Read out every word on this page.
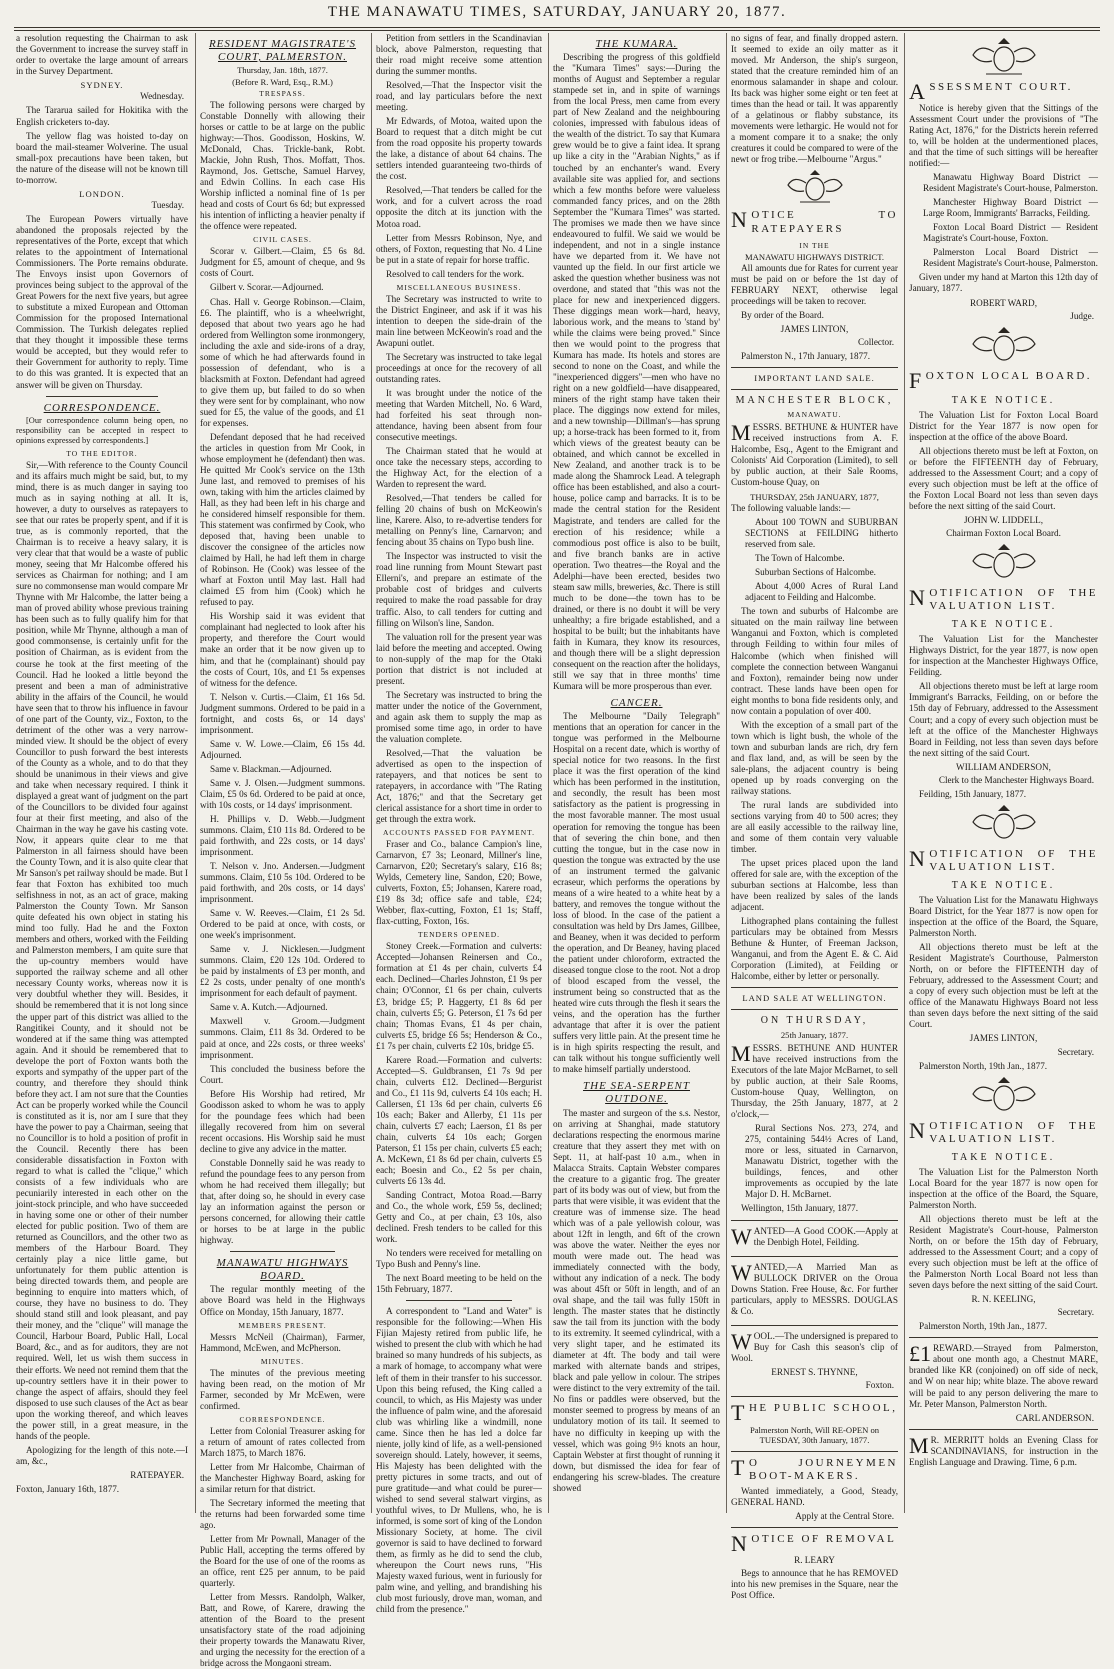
THE MANAWATU TIMES, SATURDAY, JANUARY 20, 1877.

a resolution requesting the Chairman to ask the Government to increase the survey staff in order to overtake the large amount of arrears in the Survey Department.

SYDNEY.
Wednesday.

The Tararua sailed for Hokitika with the English cricketers to-day.

The yellow flag was hoisted to-day on board the mail-steamer Wolverine. The usual small-pox precautions have been taken, but the nature of the disease will not be known till to-morrow.

LONDON.
Tuesday.

The European Powers virtually have abandoned the proposals rejected by the representatives of the Porte, except that which relates to the appointment of International Commissioners. The Porte remains obdurate. The Envoys insist upon Governors of provinces being subject to the approval of the Great Powers for the next five years, but agree to substitute a mixed European and Ottoman Commission for the proposed International Commission. The Turkish delegates replied that they thought it impossible these terms would be accepted, but they would refer to their Government for authority to reply. Time to do this was granted. It is expected that an answer will be given on Thursday.

CORRESPONDENCE.

[Our correspondence column being open, no responsibility can be accepted in respect to opinions expressed by correspondents.]

TO THE EDITOR.

Sir,—With reference to the County Council and its affairs much might be said, but, to my mind, there is as much danger in saying too much as in saying nothing at all. It is, however, a duty to ourselves as ratepayers to see that our rates be properly spent, and if it is true, as is commonly reported, that the Chairman is to receive a heavy salary, it is very clear that that would be a waste of public money, seeing that Mr Halcombe offered his services as Chairman for nothing; and I am sure no commonsense man would compare Mr Thynne with Mr Halcombe, the latter being a man of proved ability whose previous training has been such as to fully qualify him for that position, while Mr Thynne, although a man of good commonsense, is certainly unfit for the position of Chairman, as is evident from the course he took at the first meeting of the Council. Had he looked a little beyond the present and been a man of administrative ability in the affairs of the Council, he would have seen that to throw his influence in favour of one part of the County, viz., Foxton, to the detriment of the other was a very narrow-minded view. It should be the object of every Councillor to push forward the best interests of the County as a whole, and to do that they should be unanimous in their views and give and take when necessary required. I think it displayed a great want of judgment on the part of the Councillors to be divided four against four at their first meeting, and also of the Chairman in the way he gave his casting vote. Now, it appears quite clear to me that Palmerston in all fairness should have been the County Town, and it is also quite clear that Mr Sanson's pet railway should be made. But I fear that Foxton has exhibited too much selfishness in not, as an act of grace, making Palmerston the County Town. Mr Sanson quite defeated his own object in stating his mind too fully. Had he and the Foxton members and others, worked with the Feilding and Palmerston members, I am quite sure that the up-country members would have supported the railway scheme and all other necessary County works, whereas now it is very doubtful whether they will. Besides, it should be remembered that it is not long since the upper part of this district was allied to the Rangitikei County, and it should not be wondered at if the same thing was attempted again. And it should be remembered that to develope the port of Foxton wants both the exports and sympathy of the upper part of the country, and therefore they should think before they act. I am not sure that the Counties Act can be properly worked while the Council is constituted as it is, nor am I sure that they have the power to pay a Chairman, seeing that no Councillor is to hold a position of profit in the Council. Recently there has been considerable dissatisfaction in Foxton with regard to what is called the "clique," which consists of a few individuals who are pecuniarily interested in each other on the joint-stock principle, and who have succeeded in having some one or other of their number elected for public position. Two of them are returned as Councillors, and the other two as members of the Harbour Board. They certainly play a nice little game, but unfortunately for them public attention is being directed towards them, and people are beginning to enquire into matters which, of course, they have no business to do. They should stand still and look pleasant, and pay their money, and the "clique" will manage the Council, Harbour Board, Public Hall, Local Board, &c., and as for auditors, they are not required. Well, let us wish them success in their efforts. We need not remind them that the up-country settlers have it in their power to change the aspect of affairs, should they feel disposed to use such clauses of the Act as bear upon the working thereof, and which leaves the power still, in a great measure, in the hands of the people.

Apologizing for the length of this note.—I am, &c.,

RATEPAYER.

Foxton, January 16th, 1877.

RESIDENT MAGISTRATE'S COURT, PALMERSTON.
Thursday, Jan. 18th, 1877.
(Before R. Ward, Esq., R.M.)
TRESPASS.

The following persons were charged by Constable Donnelly with allowing their horses or cattle to be at large on the public highway:—Thos. Goodisson, Hoskins, W. McDonald, Chas. Trickle-bank, Robt. Mackie, John Rush, Thos. Moffatt, Thos. Raymond, Jos. Gettsche, Samuel Harvey, and Edwin Collins. In each case His Worship inflicted a nominal fine of 1s per head and costs of Court 6s 6d; but expressed his intention of inflicting a heavier penalty if the offence were repeated.

CIVIL CASES.

Scorar v. Gilbert.—Claim, £5 6s 8d. Judgment for £5, amount of cheque, and 9s costs of Court.

Gilbert v. Scorar.—Adjourned.

Chas. Hall v. George Robinson.—Claim, £6. The plaintiff, who is a wheelwright, deposed that about two years ago he had ordered from Wellington some ironmongery, including the axle and side-irons of a dray, some of which he had afterwards found in possession of defendant, who is a blacksmith at Foxton. Defendant had agreed to give them up, but failed to do so when they were sent for by complainant, who now sued for £5, the value of the goods, and £1 for expenses.

Defendant deposed that he had received the articles in question from Mr Cook, in whose employment he (defendant) then was. He quitted Mr Cook's service on the 13th June last, and removed to premises of his own, taking with him the articles claimed by Hall, as they had been left in his charge and he considered himself responsible for them. This statement was confirmed by Cook, who deposed that, having been unable to discover the consignee of the articles now claimed by Hall, he had left them in charge of Robinson. He (Cook) was lessee of the wharf at Foxton until May last. Hall had claimed £5 from him (Cook) which he refused to pay.

His Worship said it was evident that complainant had neglected to look after his property, and therefore the Court would make an order that it be now given up to him, and that he (complainant) should pay the costs of Court, 10s, and £1 5s expenses of witness for the defence.

T. Nelson v. Curtis.—Claim, £1 16s 5d. Judgment summons. Ordered to be paid in a fortnight, and costs 6s, or 14 days' imprisonment.

Same v. W. Lowe.—Claim, £6 15s 4d. Adjourned.

Same v. Blackman.—Adjourned.

Same v. J. Olsen.—Judgment summons. Claim, £5 0s 6d. Ordered to be paid at once, with 10s costs, or 14 days' imprisonment.

H. Phillips v. D. Webb.—Judgment summons. Claim, £10 11s 8d. Ordered to be paid forthwith, and 22s costs, or 14 days' imprisonment.

T. Nelson v. Jno. Andersen.—Judgment summons. Claim, £10 5s 10d. Ordered to be paid forthwith, and 20s costs, or 14 days' imprisonment.

Same v. W. Reeves.—Claim, £1 2s 5d. Ordered to be paid at once, with costs, or one week's imprisonment.

Same v. J. Nicklesen.—Judgment summons. Claim, £20 12s 10d. Ordered to be paid by instalments of £3 per month, and £2 2s costs, under penalty of one month's imprisonment for each default of payment.

Same v. A. Kutch.—Adjourned.

Maxwell v. Groom.—Judgment summons. Claim, £11 8s 3d. Ordered to be paid at once, and 22s costs, or three weeks' imprisonment.

This concluded the business before the Court.

Before His Worship had retired, Mr Goodisson asked to whom he was to apply for the poundage fees which had been illegally recovered from him on several recent occasions. His Worship said he must decline to give any advice in the matter.

Constable Donnelly said he was ready to refund the poundage fees to any person from whom he had received them illegally; but that, after doing so, he should in every case lay an information against the person or persons concerned, for allowing their cattle or horses to be at large in the public highway.

MANAWATU HIGHWAYS BOARD.

The regular monthly meeting of the above Board was held in the Highways Office on Monday, 15th January, 1877.

MEMBERS PRESENT.

Messrs McNeil (Chairman), Farmer, Hammond, McEwen, and McPherson.

MINUTES.

The minutes of the previous meeting having been read, on the motion of Mr Farmer, seconded by Mr McEwen, were confirmed.

CORRESPONDENCE.

Letter from Colonial Treasurer asking for a return of amount of rates collected from March 1875, to March 1876.

Letter from Mr Halcombe, Chairman of the Manchester Highway Board, asking for a similar return for that district.

The Secretary informed the meeting that the returns had been forwarded some time ago.

Letter from Mr Pownall, Manager of the Public Hall, accepting the terms offered by the Board for the use of one of the rooms as an office, rent £25 per annum, to be paid quarterly.

Letter from Messrs. Randolph, Walker, Batt, and Rowe, of Karere, drawing the attention of the Board to the present unsatisfactory state of the road adjoining their property towards the Manawatu River, and urging the necessity for the erection of a bridge across the Mongaoni stream.

Petition from settlers in the Scandinavian block, above Palmerston, requesting that their road might receive some attention during the summer months.

Resolved,—That the Inspector visit the road, and lay particulars before the next meeting.

Mr Edwards, of Motoa, waited upon the Board to request that a ditch might be cut from the road opposite his property towards the lake, a distance of about 64 chains. The settlers intended guaranteeing two-thirds of the cost.

Resolved,—That tenders be called for the work, and for a culvert across the road opposite the ditch at its junction with the Motoa road.

Letter from Messrs Robinson, Nye, and others, of Foxton, requesting that No. 4 Line be put in a state of repair for horse traffic.

Resolved to call tenders for the work.

MISCELLANEOUS BUSINESS.

The Secretary was instructed to write to the District Engineer, and ask if it was his intention to deepen the side-drain of the main line between McKeowin's road and the Awapuni outlet.

The Secretary was instructed to take legal proceedings at once for the recovery of all outstanding rates.

It was brought under the notice of the meeting that Warden Mitchell, No. 6 Ward, had forfeited his seat through non-attendance, having been absent from four consecutive meetings.

The Chairman stated that he would at once take the necessary steps, according to the Highway Act, for the election of a Warden to represent the ward.

Resolved,—That tenders be called for felling 20 chains of bush on McKeowin's line, Karere. Also, to re-advertise tenders for metalling on Penny's line, Carnarvon; and fencing about 35 chains on Typo bush line.

The Inspector was instructed to visit the road line running from Mount Stewart past Ellerni's, and prepare an estimate of the probable cost of bridges and culverts required to make the road passable for dray traffic. Also, to call tenders for cutting and filling on Wilson's line, Sandon.

The valuation roll for the present year was laid before the meeting and accepted. Owing to non-supply of the map for the Otaki portion that district is not included at present.

The Secretary was instructed to bring the matter under the notice of the Government, and again ask them to supply the map as promised some time ago, in order to have the valuation complete.

Resolved,—That the valuation be advertised as open to the inspection of ratepayers, and that notices be sent to ratepayers, in accordance with "The Rating Act, 1876;" and that the Secretary get clerical assistance for a short time in order to get through the extra work.

ACCOUNTS PASSED FOR PAYMENT.

Fraser and Co., balance Campion's line, Carnarvon, £7 3s; Leonard, Millner's line, Carnarvon, £20; Secretary's salary, £16 8s; Wylds, Cemetery line, Sandon, £20; Bowe, culverts, Foxton, £5; Johansen, Karere road, £19 8s 3d; office safe and table, £24; Webber, flax-cutting, Foxton, £1 1s; Staff, flax-cutting, Foxton, 16s.

TENDERS OPENED.

Stoney Creek.—Formation and culverts: Accepted—Johansen Reinersen and Co., formation at £1 4s per chain, culverts £4 each. Declined—Charles Johnston, £1 9s per chain; O'Connor, £1 6s per chain, culverts £3, bridge £5; P. Haggerty, £1 8s 6d per chain, culverts £5; G. Peterson, £1 7s 6d per chain; Thomas Evans, £1 4s per chain, culverts £5, bridge £6 5s; Henderson & Co., £1 7s per chain, culverts £2 10s, bridge £5.

Karere Road.—Formation and culverts: Accepted—S. Guldbransen, £1 7s 9d per chain, culverts £12. Declined—Bergurist and Co., £1 11s 9d, culverts £4 10s each; H. Callersen, £1 13s 6d per chain, culverts £6 10s each; Baker and Allerby, £1 11s per chain, culverts £7 each; Laerson, £1 8s per chain, culverts £4 10s each; Gorgen Paterson, £1 15s per chain, culverts £5 each; A. McKewn, £1 8s 6d per chain, culverts £5 each; Boesin and Co., £2 5s per chain, culverts £6 13s 4d.

Sanding Contract, Motoa Road.—Barry and Co., the whole work, £59 5s, declined; Getty and Co., at per chain, £3 10s, also declined. Fresh tenders to be called for this work.

No tenders were received for metalling on Typo Bush and Penny's line.

The next Board meeting to be held on the 15th February, 1877.

A correspondent to "Land and Water" is responsible for the following:—When His Fijian Majesty retired from public life, he wished to present the club with which he had brained so many hundreds of his subjects, as a mark of homage, to accompany what were left of them in their transfer to his successor. Upon this being refused, the King called a council, to which, as His Majesty was under the influence of palm wine, and the aforesaid club was whirling like a windmill, none came. Since then he has led a dolce far niente, jolly kind of life, as a well-pensioned sovereign should. Lately, however, it seems, His Majesty has been delighted with the pretty pictures in some tracts, and out of pure gratitude—and what could be purer—wished to send several stalwart virgins, as youthful wives, to Dr Mullens, who, he is informed, is some sort of king of the London Missionary Society, at home. The civil governor is said to have declined to forward them, as firmly as he did to send the club, whereupon the Court news runs, "His Majesty waxed furious, went in furiously for palm wine, and yelling, and brandishing his club most furiously, drove man, woman, and child from the presence."

THE KUMARA.

Describing the progress of this goldfield the "Kumara Times" says:—During the months of August and September a regular stampede set in, and in spite of warnings from the local Press, men came from every part of New Zealand and the neighbouring colonies, impressed with fabulous ideas of the wealth of the district. To say that Kumara grew would be to give a faint idea. It sprang up like a city in the "Arabian Nights," as if touched by an enchanter's wand. Every available site was applied for, and sections which a few months before were valueless commanded fancy prices, and on the 28th September the "Kumara Times" was started. The promises we made then we have since endeavoured to fulfil. We said we would be independent, and not in a single instance have we departed from it. We have not vaunted up the field. In our first article we asked the question whether business was not overdone, and stated that "this was not the place for new and inexperienced diggers. These diggings mean work—hard, heavy, laborious work, and the means to 'stand by' while the claims were being proved." Since then we would point to the progress that Kumara has made. Its hotels and stores are second to none on the Coast, and while the "inexperienced diggers"—men who have no right on a new goldfield—have disappeared, miners of the right stamp have taken their place. The diggings now extend for miles, and a new township—Dillman's—has sprung up; a horse-track has been formed to it, from which views of the greatest beauty can be obtained, and which cannot be excelled in New Zealand, and another track is to be made along the Shamrock Lead. A telegraph office has been established, and also a court-house, police camp and barracks. It is to be made the central station for the Resident Magistrate, and tenders are called for the erection of his residence; while a commodious post office is also to be built, and five branch banks are in active operation. Two theatres—the Royal and the Adelphi—have been erected, besides two steam saw mills, breweries, &c. There is still much to be done—the town has to be drained, or there is no doubt it will be very unhealthy; a fire brigade established, and a hospital to be built; but the inhabitants have faith in Kumara, they know its resources, and though there will be a slight depression consequent on the reaction after the holidays, still we say that in three months' time Kumara will be more prosperous than ever.

CANCER.

The Melbourne "Daily Telegraph" mentions that an operation for cancer in the tongue was performed in the Melbourne Hospital on a recent date, which is worthy of special notice for two reasons. In the first place it was the first operation of the kind which has been performed in the institution, and secondly, the result has been most satisfactory as the patient is progressing in the most favorable manner. The most usual operation for removing the tongue has been that of severing the chin bone, and then cutting the tongue, but in the case now in question the tongue was extracted by the use of an instrument termed the galvanic ecraseur, which performs the operations by means of a wire heated to a white heat by a battery, and removes the tongue without the loss of blood. In the case of the patient a consultation was held by Drs James, Gillbee, and Beaney, when it was decided to perform the operation, and Dr Beaney, having placed the patient under chloroform, extracted the diseased tongue close to the root. Not a drop of blood escaped from the vessel, the instrument being so constructed that as the heated wire cuts through the flesh it sears the veins, and the operation has the further advantage that after it is over the patient suffers very little pain. At the present time he is in high spirits respecting the result, and can talk without his tongue sufficiently well to make himself partially understood.

THE SEA-SERPENT OUTDONE.

The master and surgeon of the s.s. Nestor, on arriving at Shanghai, made statutory declarations respecting the enormous marine creature that they assert they met with on Sept. 11, at half-past 10 a.m., when in Malacca Straits. Captain Webster compares the creature to a gigantic frog. The greater part of its body was out of view, but from the parts that were visible, it was evident that the creature was of immense size. The head which was of a pale yellowish colour, was about 12ft in length, and 6ft of the crown was above the water. Neither the eyes nor mouth were made out. The head was immediately connected with the body, without any indication of a neck. The body was about 45ft or 50ft in length, and of an oval shape, and the tail was fully 150ft in length. The master states that he distinctly saw the tail from its junction with the body to its extremity. It seemed cylindrical, with a very slight taper, and he estimated its diameter at 4ft. The body and tail were marked with alternate bands and stripes, black and pale yellow in colour. The stripes were distinct to the very extremity of the tail. No fins or paddles were observed, but the monster seemed to progress by means of an undulatory motion of its tail. It seemed to have no difficulty in keeping up with the vessel, which was going 9½ knots an hour, Captain Webster at first thought of running it down, but dismissed the idea for fear of endangering his screw-blades. The creature showed

no signs of fear, and finally dropped astern. It seemed to exide an oily matter as it moved. Mr Anderson, the ship's surgeon, stated that the creature reminded him of an enormous salamander in shape and colour. Its back was higher some eight or ten feet at times than the head or tail. It was apparently of a gelatinous or flabby substance, its movements were lethargic. He would not for a moment compare it to a snake; the only creatures it could be compared to were of the newt or frog tribe.—Melbourne "Argus."

NOTICE TO RATEPAYERS
IN THE
MANAWATU HIGHWAYS DISTRICT.

All amounts due for Rates for current year must be paid on or before the 1st day of FEBRUARY NEXT, otherwise legal proceedings will be taken to recover.

By order of the Board.

JAMES LINTON,
Collector.

Palmerston N., 17th January, 1877.

IMPORTANT LAND SALE.
MANCHESTER BLOCK,
MANAWATU.
MESSRS. BETHUNE & HUNTER have received instructions from A. F. Halcombe, Esq., Agent to the Emigrant and Colonists' Aid Corporation (Limited), to sell by public auction, at their Sale Rooms, Custom-house Quay, on
THURSDAY, 25th JANUARY, 1877,

The following valuable lands:—

About 100 TOWN and SUBURBAN SECTIONS at FEILDING hitherto reserved from sale.

The Town of Halcombe.

Suburban Sections of Halcombe.

About 4,000 Acres of Rural Land adjacent to Feilding and Halcombe.

The town and suburbs of Halcombe are situated on the main railway line between Wanganui and Foxton, which is completed through Feilding to within four miles of Halcombe (which when finished will complete the connection between Wanganui and Foxton), remainder being now under contract. These lands have been open for eight months to bona fide residents only, and now contain a population of over 400.

With the exception of a small part of the town which is light bush, the whole of the town and suburban lands are rich, dry fern and flax land, and, as will be seen by the sale-plans, the adjacent country is being opened up by roads converging on the railway stations.

The rural lands are subdivided into sections varying from 40 to 500 acres; they are all easily accessible to the railway line, and some of them contain very valuable timber.

The upset prices placed upon the land offered for sale are, with the exception of the suburban sections at Halcombe, less than have been realized by sales of the lands adjacent.

Lithographed plans containing the fullest particulars may be obtained from Messrs Bethune & Hunter, of Freeman Jackson, Wanganui, and from the Agent E. & C. Aid Corporation (Limited), at Feilding or Halcombe, either by letter or personally.

LAND SALE AT WELLINGTON.
ON THURSDAY,
25th January, 1877.
MESSRS. BETHUNE AND HUNTER have received instructions from the Executors of the late Major McBarnet, to sell by public auction, at their Sale Rooms, Custom-house Quay, Wellington, on Thursday, the 25th January, 1877, at 2 o'clock,—

Rural Sections Nos. 273, 274, and 275, containing 544½ Acres of Land, more or less, situated in Carnarvon, Manawatu District, together with the buildings, fences, and other improvements as occupied by the late Major D. H. McBarnet.

Wellington, 15th January, 1877.

WANTED—A Good COOK.—Apply at the Denbigh Hotel, Feilding.
WANTED,—A Married Man as BULLOCK DRIVER on the Oroua Downs Station. Free House, &c. For further particulars, apply to MESSRS. DOUGLAS & Co.
WOOL.—The undersigned is prepared to Buy for Cash this season's clip of Wool.
ERNEST S. THYNNE,
Foxton.
THE PUBLIC SCHOOL,
Palmerston North, Will RE-OPEN on TUESDAY, 30th January, 1877.
T O JOURNEYMEN BOOT-MAKERS.

Wanted immediately, a Good, Steady, GENERAL HAND.

Apply at the Central Store.
NOTICE OF REMOVAL
R. LEARY

Begs to announce that he has REMOVED into his new premises in the Square, near the Post Office.

ASSESSMENT COURT.

Notice is hereby given that the Sittings of the Assessment Court under the provisions of "The Rating Act, 1876," for the Districts herein referred to, will be holden at the undermentioned places, and that the time of such sittings will be hereafter notified:—

Manawatu Highway Board District — Resident Magistrate's Court-house, Palmerston.

Manchester Highway Board District — Large Room, Immigrants' Barracks, Feilding.

Foxton Local Board District — Resident Magistrate's Court-house, Foxton.

Palmerston Local Board District — Resident Magistrate's Court-house, Palmerston.

Given under my hand at Marton this 12th day of January, 1877.

ROBERT WARD,
Judge.
FOXTON LOCAL BOARD.
TAKE NOTICE.

The Valuation List for Foxton Local Board District for the Year 1877 is now open for inspection at the office of the above Board.

All objections thereto must be left at Foxton, on or before the FIFTEENTH day of February, addressed to the Assessment Court; and a copy of every such objection must be left at the office of the Foxton Local Board not less than seven days before the next sitting of the said Court.

JOHN W. LIDDELL,
Chairman Foxton Local Board.
NOTIFICATION OF THE VALUATION LIST.
TAKE NOTICE.

The Valuation List for the Manchester Highways District, for the year 1877, is now open for inspection at the Manchester Highways Office, Feilding.

All objections thereto must be left at large room Immigrant's Barracks, Feilding, on or before the 15th day of February, addressed to the Assessment Court; and a copy of every such objection must be left at the office of the Manchester Highways Board in Feilding, not less than seven days before the next sitting of the said Court.

WILLIAM ANDERSON,
Clerk to the Manchester Highways Board.

Feilding, 15th January, 1877.

NOTIFICATION OF THE VALUATION LIST.
TAKE NOTICE.

The Valuation List for the Manawatu Highways Board District, for the Year 1877 is now open for inspection at the office of the Board, the Square, Palmerston North.

All objections thereto must be left at the Resident Magistrate's Courthouse, Palmerston North, on or before the FIFTEENTH day of February, addressed to the Assessment Court; and a copy of every such objection must be left at the office of the Manawatu Highways Board not less than seven days before the next sitting of the said Court.

JAMES LINTON,
Secretary.

Palmerston North, 19th Jan., 1877.

NOTIFICATION OF THE VALUATION LIST.
TAKE NOTICE.

The Valuation List for the Palmerston North Local Board for the year 1877 is now open for inspection at the office of the Board, the Square, Palmerston North.

All objections thereto must be left at the Resident Magistrate's Court-house, Palmerston North, on or before the 15th day of February, addressed to the Assessment Court; and a copy of every such objection must be left at the office of the Palmerston North Local Board not less than seven days before the next sitting of the said Court.

R. N. KEELING,
Secretary.

Palmerston North, 19th Jan., 1877.

£1 REWARD.—Strayed from Palmerston, about one month ago, a Chestnut MARE, branded like KR (conjoined) on off side of neck, and W on near hip; white blaze. The above reward will be paid to any person delivering the mare to Mr. Peter Manson, Palmerston North.
CARL ANDERSON.
M R. MERRITT holds an Evening Class for SCANDINAVIANS, for instruction in the English Language and Drawing. Time, 6 p.m.
